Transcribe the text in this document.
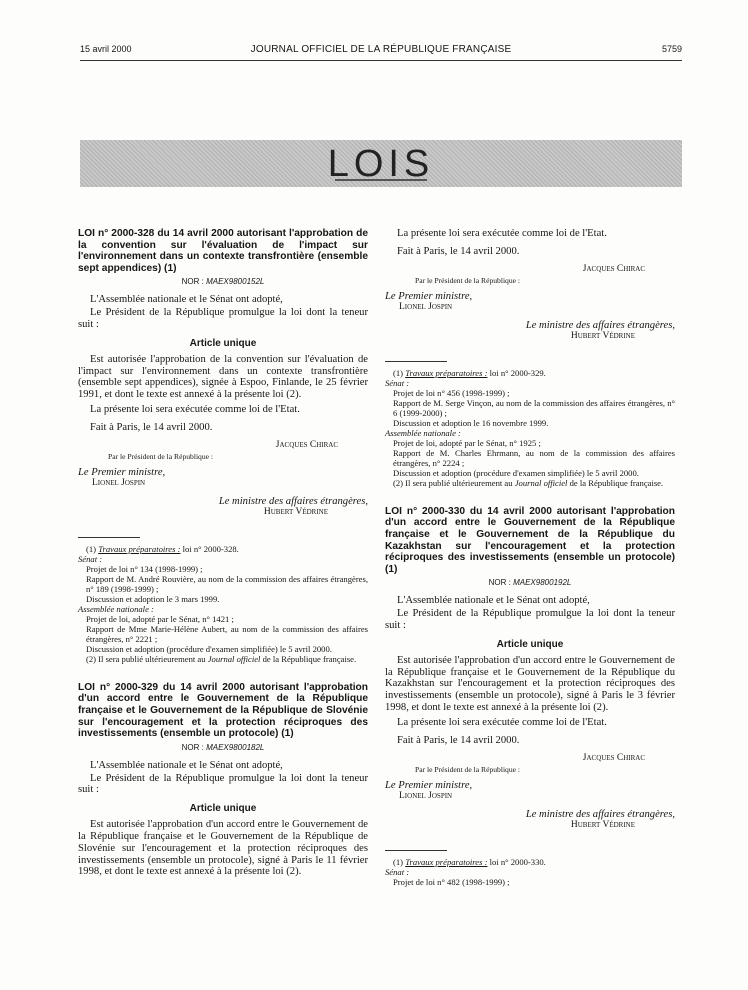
15 avril 2000	JOURNAL OFFICIEL DE LA RÉPUBLIQUE FRANÇAISE	5759
LOIS

LOI n° 2000-328 du 14 avril 2000 autorisant l'approbation de la convention sur l'évaluation de l'impact sur l'environnement dans un contexte transfrontière (ensemble sept appendices) (1)

NOR : MAEX9800152L

L'Assemblée nationale et le Sénat ont adopté,

Le Président de la République promulgue la loi dont la teneur suit :

Article unique

Est autorisée l'approbation de la convention sur l'évaluation de l'impact sur l'environnement dans un contexte transfrontière (ensemble sept appendices), signée à Espoo, Finlande, le 25 février 1991, et dont le texte est annexé à la présente loi (2).

La présente loi sera exécutée comme loi de l'Etat.

Fait à Paris, le 14 avril 2000.

Jacques Chirac
Par le Président de la République :
Le Premier ministre,
Lionel Jospin
Le ministre des affaires étrangères,
Hubert Védrine

(1) Travaux préparatoires : loi n° 2000-328.

Sénat :

Projet de loi n° 134 (1998-1999) ;

Rapport de M. André Rouvière, au nom de la commission des affaires étrangères, n° 189 (1998-1999) ;

Discussion et adoption le 3 mars 1999.

Assemblée nationale :

Projet de loi, adopté par le Sénat, n° 1421 ;

Rapport de Mme Marie-Hélène Aubert, au nom de la commission des affaires étrangères, n° 2221 ;

Discussion et adoption (procédure d'examen simplifiée) le 5 avril 2000.

(2) Il sera publié ultérieurement au Journal officiel de la République française.

LOI n° 2000-329 du 14 avril 2000 autorisant l'approbation d'un accord entre le Gouvernement de la République française et le Gouvernement de la République de Slovénie sur l'encouragement et la protection réciproques des investissements (ensemble un protocole) (1)

NOR : MAEX9800182L

L'Assemblée nationale et le Sénat ont adopté,

Le Président de la République promulgue la loi dont la teneur suit :

Article unique

Est autorisée l'approbation d'un accord entre le Gouvernement de la République française et le Gouvernement de la République de Slovénie sur l'encouragement et la protection réciproques des investissements (ensemble un protocole), signé à Paris le 11 février 1998, et dont le texte est annexé à la présente loi (2).

La présente loi sera exécutée comme loi de l'Etat.

Fait à Paris, le 14 avril 2000.

Jacques Chirac
Par le Président de la République :
Le Premier ministre,
Lionel Jospin
Le ministre des affaires étrangères,
Hubert Védrine

(1) Travaux préparatoires : loi n° 2000-329.

Sénat :

Projet de loi n° 456 (1998-1999) ;

Rapport de M. Serge Vinçon, au nom de la commission des affaires étrangères, n° 6 (1999-2000) ;

Discussion et adoption le 16 novembre 1999.

Assemblée nationale :

Projet de loi, adopté par le Sénat, n° 1925 ;

Rapport de M. Charles Ehrmann, au nom de la commission des affaires étrangères, n° 2224 ;

Discussion et adoption (procédure d'examen simplifiée) le 5 avril 2000.

(2) Il sera publié ultérieurement au Journal officiel de la République française.

LOI n° 2000-330 du 14 avril 2000 autorisant l'approbation d'un accord entre le Gouvernement de la République française et le Gouvernement de la République du Kazakhstan sur l'encouragement et la protection réciproques des investissements (ensemble un protocole) (1)

NOR : MAEX9800192L

L'Assemblée nationale et le Sénat ont adopté,

Le Président de la République promulgue la loi dont la teneur suit :

Article unique

Est autorisée l'approbation d'un accord entre le Gouvernement de la République française et le Gouvernement de la République du Kazakhstan sur l'encouragement et la protection réciproques des investissements (ensemble un protocole), signé à Paris le 3 février 1998, et dont le texte est annexé à la présente loi (2).

La présente loi sera exécutée comme loi de l'Etat.

Fait à Paris, le 14 avril 2000.

Jacques Chirac
Par le Président de la République :
Le Premier ministre,
Lionel Jospin
Le ministre des affaires étrangères,
Hubert Védrine

(1) Travaux préparatoires : loi n° 2000-330.

Sénat :

Projet de loi n° 482 (1998-1999) ;
